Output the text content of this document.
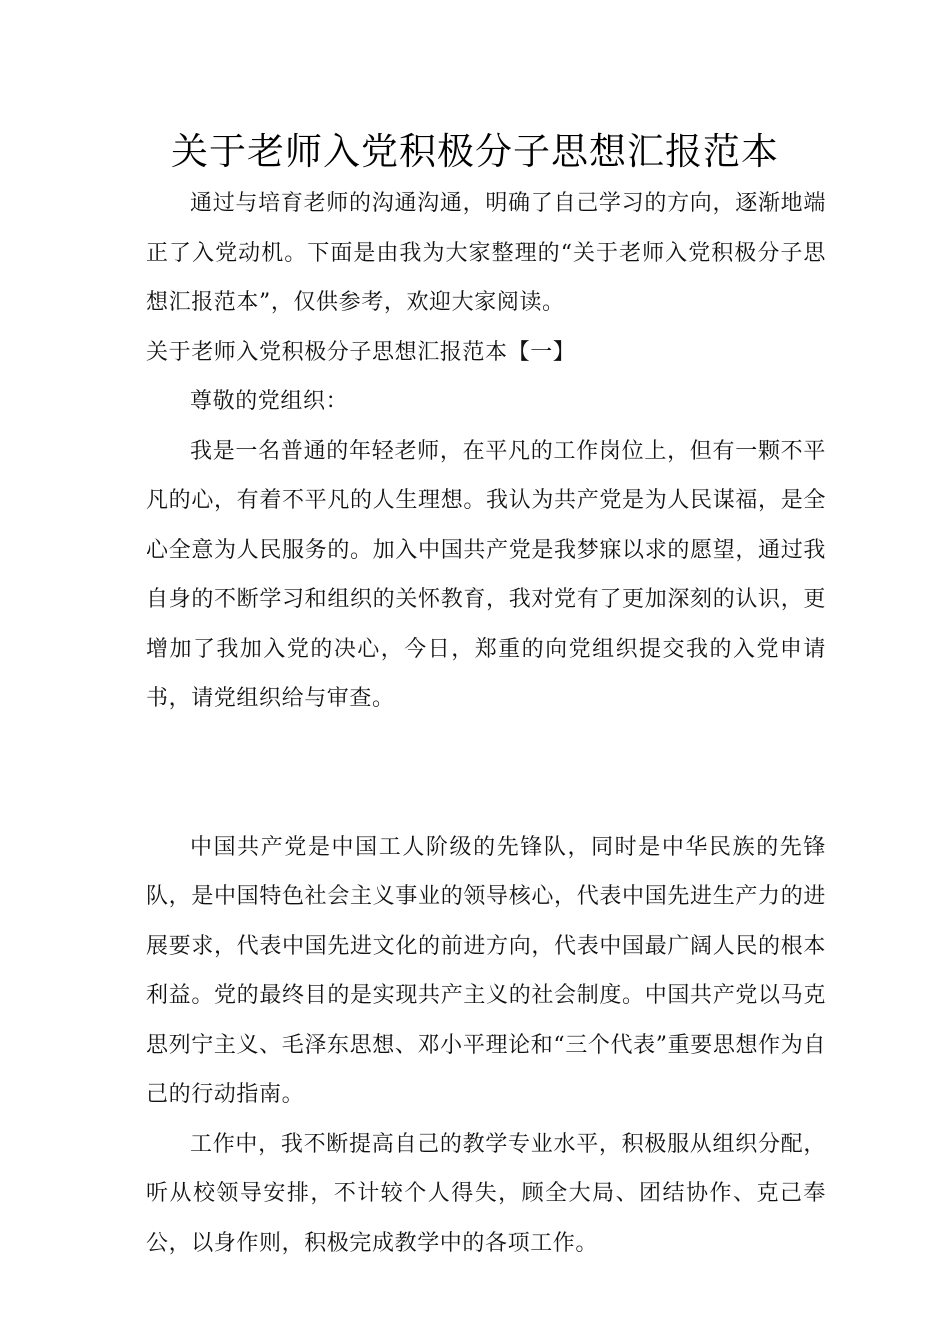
关于老师入党积极分子思想汇报范本

通过与培育老师的沟通沟通，明确了自己学习的方向，逐渐地端正了入党动机。下面是由我为大家整理的“关于老师入党积极分子思想汇报范本”，仅供参考，欢迎大家阅读。

关于老师入党积极分子思想汇报范本【一】

尊敬的党组织：

我是一名普通的年轻老师，在平凡的工作岗位上，但有一颗不平凡的心，有着不平凡的人生理想。我认为共产党是为人民谋福，是全心全意为人民服务的。加入中国共产党是我梦寐以求的愿望，通过我自身的不断学习和组织的关怀教育，我对党有了更加深刻的认识，更增加了我加入党的决心，今日，郑重的向党组织提交我的入党申请书，请党组织给与审查。

中国共产党是中国工人阶级的先锋队，同时是中华民族的先锋队，是中国特色社会主义事业的领导核心，代表中国先进生产力的进展要求，代表中国先进文化的前进方向，代表中国最广阔人民的根本利益。党的最终目的是实现共产主义的社会制度。中国共产党以马克思列宁主义、毛泽东思想、邓小平理论和“三个代表”重要思想作为自己的行动指南。

工作中，我不断提高自己的教学专业水平，积极服从组织分配，听从校领导安排，不计较个人得失，顾全大局、团结协作、克己奉公，以身作则，积极完成教学中的各项工作。
